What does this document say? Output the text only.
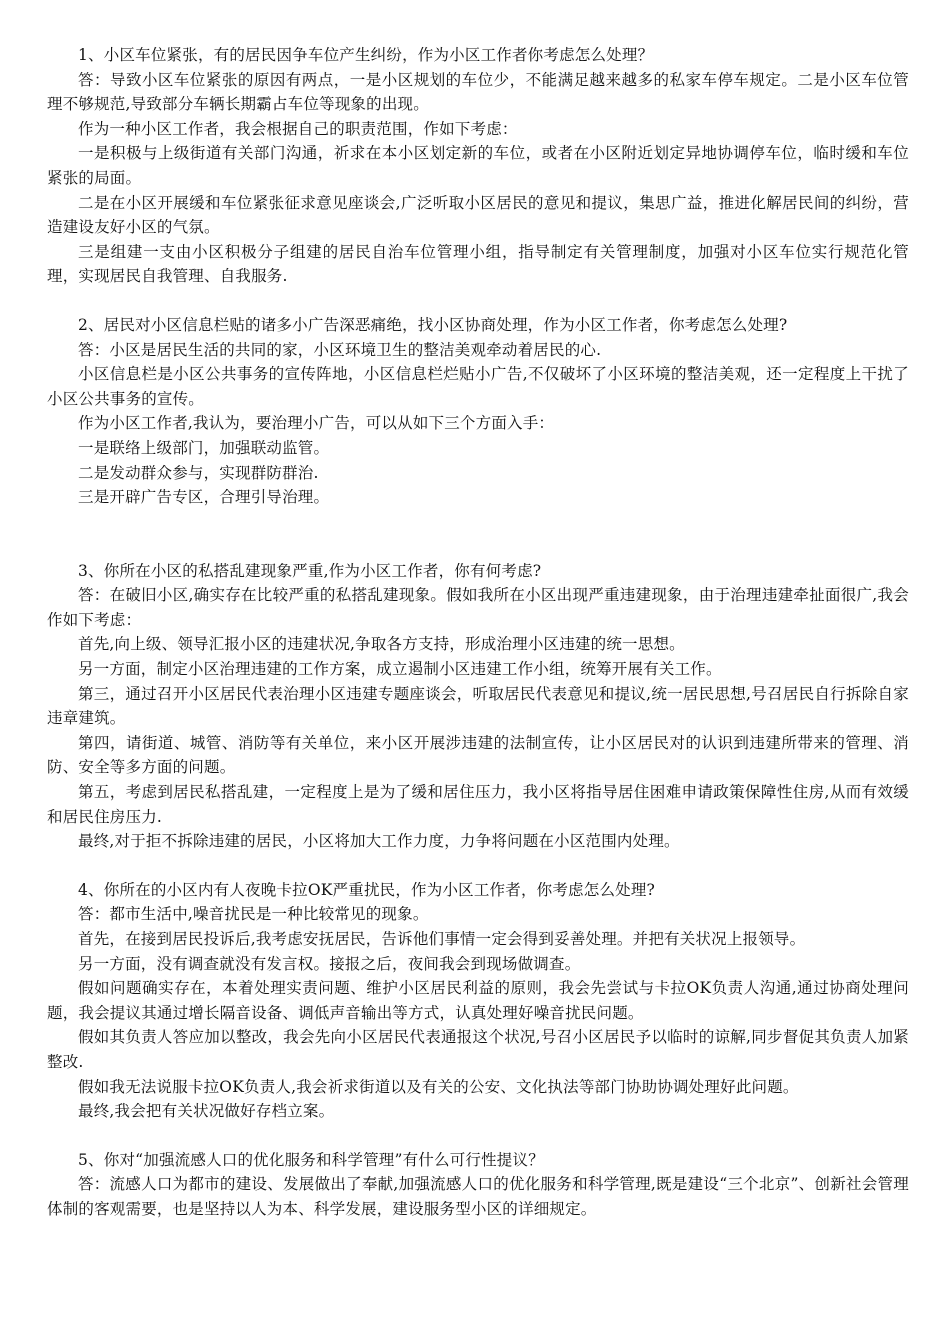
1、小区车位紧张，有的居民因争车位产生纠纷，作为小区工作者你考虑怎么处理？

答：导致小区车位紧张的原因有两点，一是小区规划的车位少，不能满足越来越多的私家车停车规定。二是小区车位管理不够规范,导致部分车辆长期霸占车位等现象的出现。

作为一种小区工作者，我会根据自己的职责范围，作如下考虑：

一是积极与上级街道有关部门沟通，祈求在本小区划定新的车位，或者在小区附近划定异地协调停车位，临时缓和车位紧张的局面。

二是在小区开展缓和车位紧张征求意见座谈会,广泛听取小区居民的意见和提议，集思广益，推进化解居民间的纠纷，营造建设友好小区的气氛。

三是组建一支由小区积极分子组建的居民自治车位管理小组，指导制定有关管理制度，加强对小区车位实行规范化管理，实现居民自我管理、自我服务.

2、居民对小区信息栏贴的诸多小广告深恶痛绝，找小区协商处理，作为小区工作者，你考虑怎么处理?

答：小区是居民生活的共同的家，小区环境卫生的整洁美观牵动着居民的心.

小区信息栏是小区公共事务的宣传阵地，小区信息栏烂贴小广告,不仅破坏了小区环境的整洁美观，还一定程度上干扰了小区公共事务的宣传。

作为小区工作者,我认为，要治理小广告，可以从如下三个方面入手：

一是联络上级部门，加强联动监管。

二是发动群众参与，实现群防群治.

三是开辟广告专区，合理引导治理。

3、你所在小区的私搭乱建现象严重,作为小区工作者，你有何考虑?

答：在破旧小区,确实存在比较严重的私搭乱建现象。假如我所在小区出现严重违建现象，由于治理违建牵扯面很广,我会作如下考虑：

首先,向上级、领导汇报小区的违建状况,争取各方支持，形成治理小区违建的统一思想。

另一方面，制定小区治理违建的工作方案，成立遏制小区违建工作小组，统筹开展有关工作。

第三，通过召开小区居民代表治理小区违建专题座谈会，听取居民代表意见和提议,统一居民思想,号召居民自行拆除自家违章建筑。

第四，请街道、城管、消防等有关单位，来小区开展涉违建的法制宣传，让小区居民对的认识到违建所带来的管理、消防、安全等多方面的问题。

第五，考虑到居民私搭乱建，一定程度上是为了缓和居住压力，我小区将指导居住困难申请政策保障性住房,从而有效缓和居民住房压力.

最终,对于拒不拆除违建的居民，小区将加大工作力度，力争将问题在小区范围内处理。

4、你所在的小区内有人夜晚卡拉OK严重扰民，作为小区工作者，你考虑怎么处理?

答：都市生活中,噪音扰民是一种比较常见的现象。

首先，在接到居民投诉后,我考虑安抚居民，告诉他们事情一定会得到妥善处理。并把有关状况上报领导。

另一方面，没有调查就没有发言权。接报之后，夜间我会到现场做调查。

假如问题确实存在，本着处理实责问题、维护小区居民利益的原则，我会先尝试与卡拉OK负责人沟通,通过协商处理问题，我会提议其通过增长隔音设备、调低声音输出等方式，认真处理好噪音扰民问题。

假如其负责人答应加以整改，我会先向小区居民代表通报这个状况,号召小区居民予以临时的谅解,同步督促其负责人加紧整改.

假如我无法说服卡拉OK负责人,我会祈求街道以及有关的公安、文化执法等部门协助协调处理好此问题。

最终,我会把有关状况做好存档立案。

5、你对“加强流感人口的优化服务和科学管理”有什么可行性提议？

答：流感人口为都市的建设、发展做出了奉献,加强流感人口的优化服务和科学管理,既是建设“三个北京”、创新社会管理体制的客观需要，也是坚持以人为本、科学发展，建设服务型小区的详细规定。
